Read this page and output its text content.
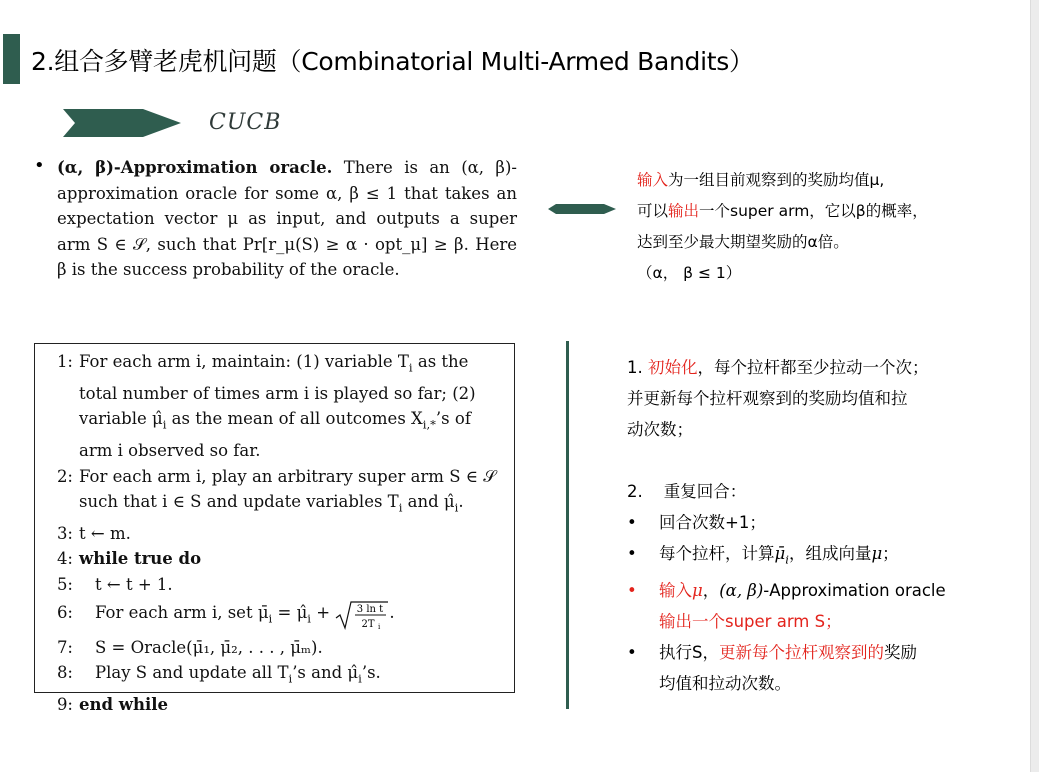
2.组合多臂老虎机问题（Combinatorial Multi-Armed Bandits）
CUCB
• (α, β)-Approximation oracle. There is an (α, β)-approximation oracle for some α, β ≤ 1 that takes an expectation vector μ as input, and outputs a super arm S ∈ 𝒮, such that Pr[r_μ(S) ≥ α · opt_μ] ≥ β. Here β is the success probability of the oracle.

输入为一组目前观察到的奖励均值μ,
可以输出一个super arm，它以β的概率，
达到至少最大期望奖励的α倍。
（α， β ≤ 1）
1: For each arm i, maintain: (1) variable $T_i$ as the
total number of times arm i is played so far; (2)
variable $\mû_i$ as the mean of all outcomes $X_{i,*}’s$ of
arm i observed so far.
2: For each arm i, play an arbitrary super arm S ∈ 𝒮
such that i ∈ S and update variables $T_i$ and $\mû_i$.
3: t ← m.
4: while true do
5:	t ← t + 1.
6:	For each arm i, set $\mū_i$ = $\mû_i + 3$ ln t
2T i
.
7:	S = Oracle(μ̄₁, μ̄₂, . . . , μ̄ₘ).
8:	Play S and update all $T_i’s$ and $\mû_i’s$.
9: end while

1. 初始化，每个拉杆都至少拉动一个次；

并更新每个拉杆观察到的奖励均值和拉

动次数；

2. 重复回合：

• 回合次数+1；

• 每个拉杆，计算$\mū_i$，组成向量μ；

• 输入μ，(α, β)-Approximation oracle

输出一个super arm S；

• 执行S，更新每个拉杆观察到的奖励

均值和拉动次数。
